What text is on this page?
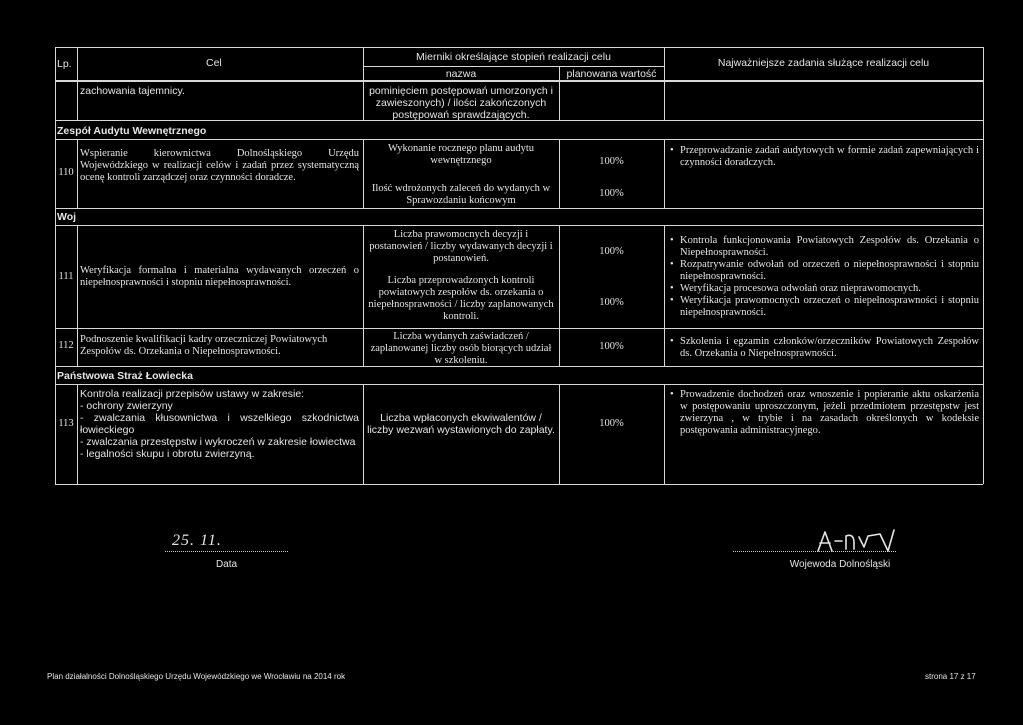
Lp.	Cel	Mierniki określające stopień realizacji celu
nazwa	planowana wartość
Najważniejsze zadania służące realizacji celu
zachowania tajemnicy.	pominięciem postępowań umorzonych i zawieszonych) / ilości zakończonych postępowań sprawdzających.
Zespół Audytu Wewnętrznego
110
Wspieranie kierownictwa Dolnośląskiego Urzędu Wojewódzkiego w realizacji celów i zadań przez systematyczną ocenę kontroli zarządczej oraz czynności doradcze.
Wykonanie rocznego planu audytu wewnętrznego	100%
Ilość wdrożonych zaleceń do wydanych w Sprawozdaniu końcowym
100%
• Przeprowadzanie zadań audytowych w formie zadań zapewniających i czynności doradczych.
Woj
111
Weryfikacja formalna i materialna wydawanych orzeczeń o niepełnosprawności i stopniu niepełnosprawności.
Liczba prawomocnych decyzji i postanowień / liczby wydawanych decyzji i postanowień.
100%
Liczba przeprowadzonych kontroli powiatowych zespołów ds. orzekania o niepełnosprawności / liczby zaplanowanych kontroli.
100%
• Kontrola funkcjonowania Powiatowych Zespołów ds. Orzekania o Niepełnosprawności.
• Rozpatrywanie odwołań od orzeczeń o niepełnosprawności i stopniu niepełnosprawności.
• Weryfikacja procesowa odwołań oraz nieprawomocnych.
• Weryfikacja prawomocnych orzeczeń o niepełnosprawności i stopniu niepełnosprawności.
112
Podnoszenie kwalifikacji kadry orzeczniczej Powiatowych Zespołów ds. Orzekania o Niepełnosprawności.
Liczba wydanych zaświadczeń / zaplanowanej liczby osób biorących udział w szkoleniu.
100%
•	Szkolenia i egzamin członków/orzeczników Powiatowych Zespołów ds. Orzekania o Niepełnosprawności.
Państwowa Straż Łowiecka
113
Kontrola realizacji przepisów ustawy w zakresie:
- ochrony zwierzyny
- zwalczania kłusownictwa i wszelkiego szkodnictwa łowieckiego
- zwalczania przestępstw i wykroczeń w zakresie łowiectwa
- legalności skupu i obrotu zwierzyną.
Liczba wpłaconych ekwiwalentów / liczby wezwań wystawionych do zapłaty.
100%
• Prowadzenie dochodzeń oraz wnoszenie i popieranie aktu oskarżenia w postępowaniu uproszczonym, jeżeli przedmiotem przestępstw jest zwierzyna , w trybie i na zasadach określonych w kodeksie postępowania administracyjnego.
25. 11.
Data	Wojewoda Dolnośląski
Plan działalności Dolnośląskiego Urzędu Wojewódzkiego we Wrocławiu na 2014 rok	strona 17 z 17
